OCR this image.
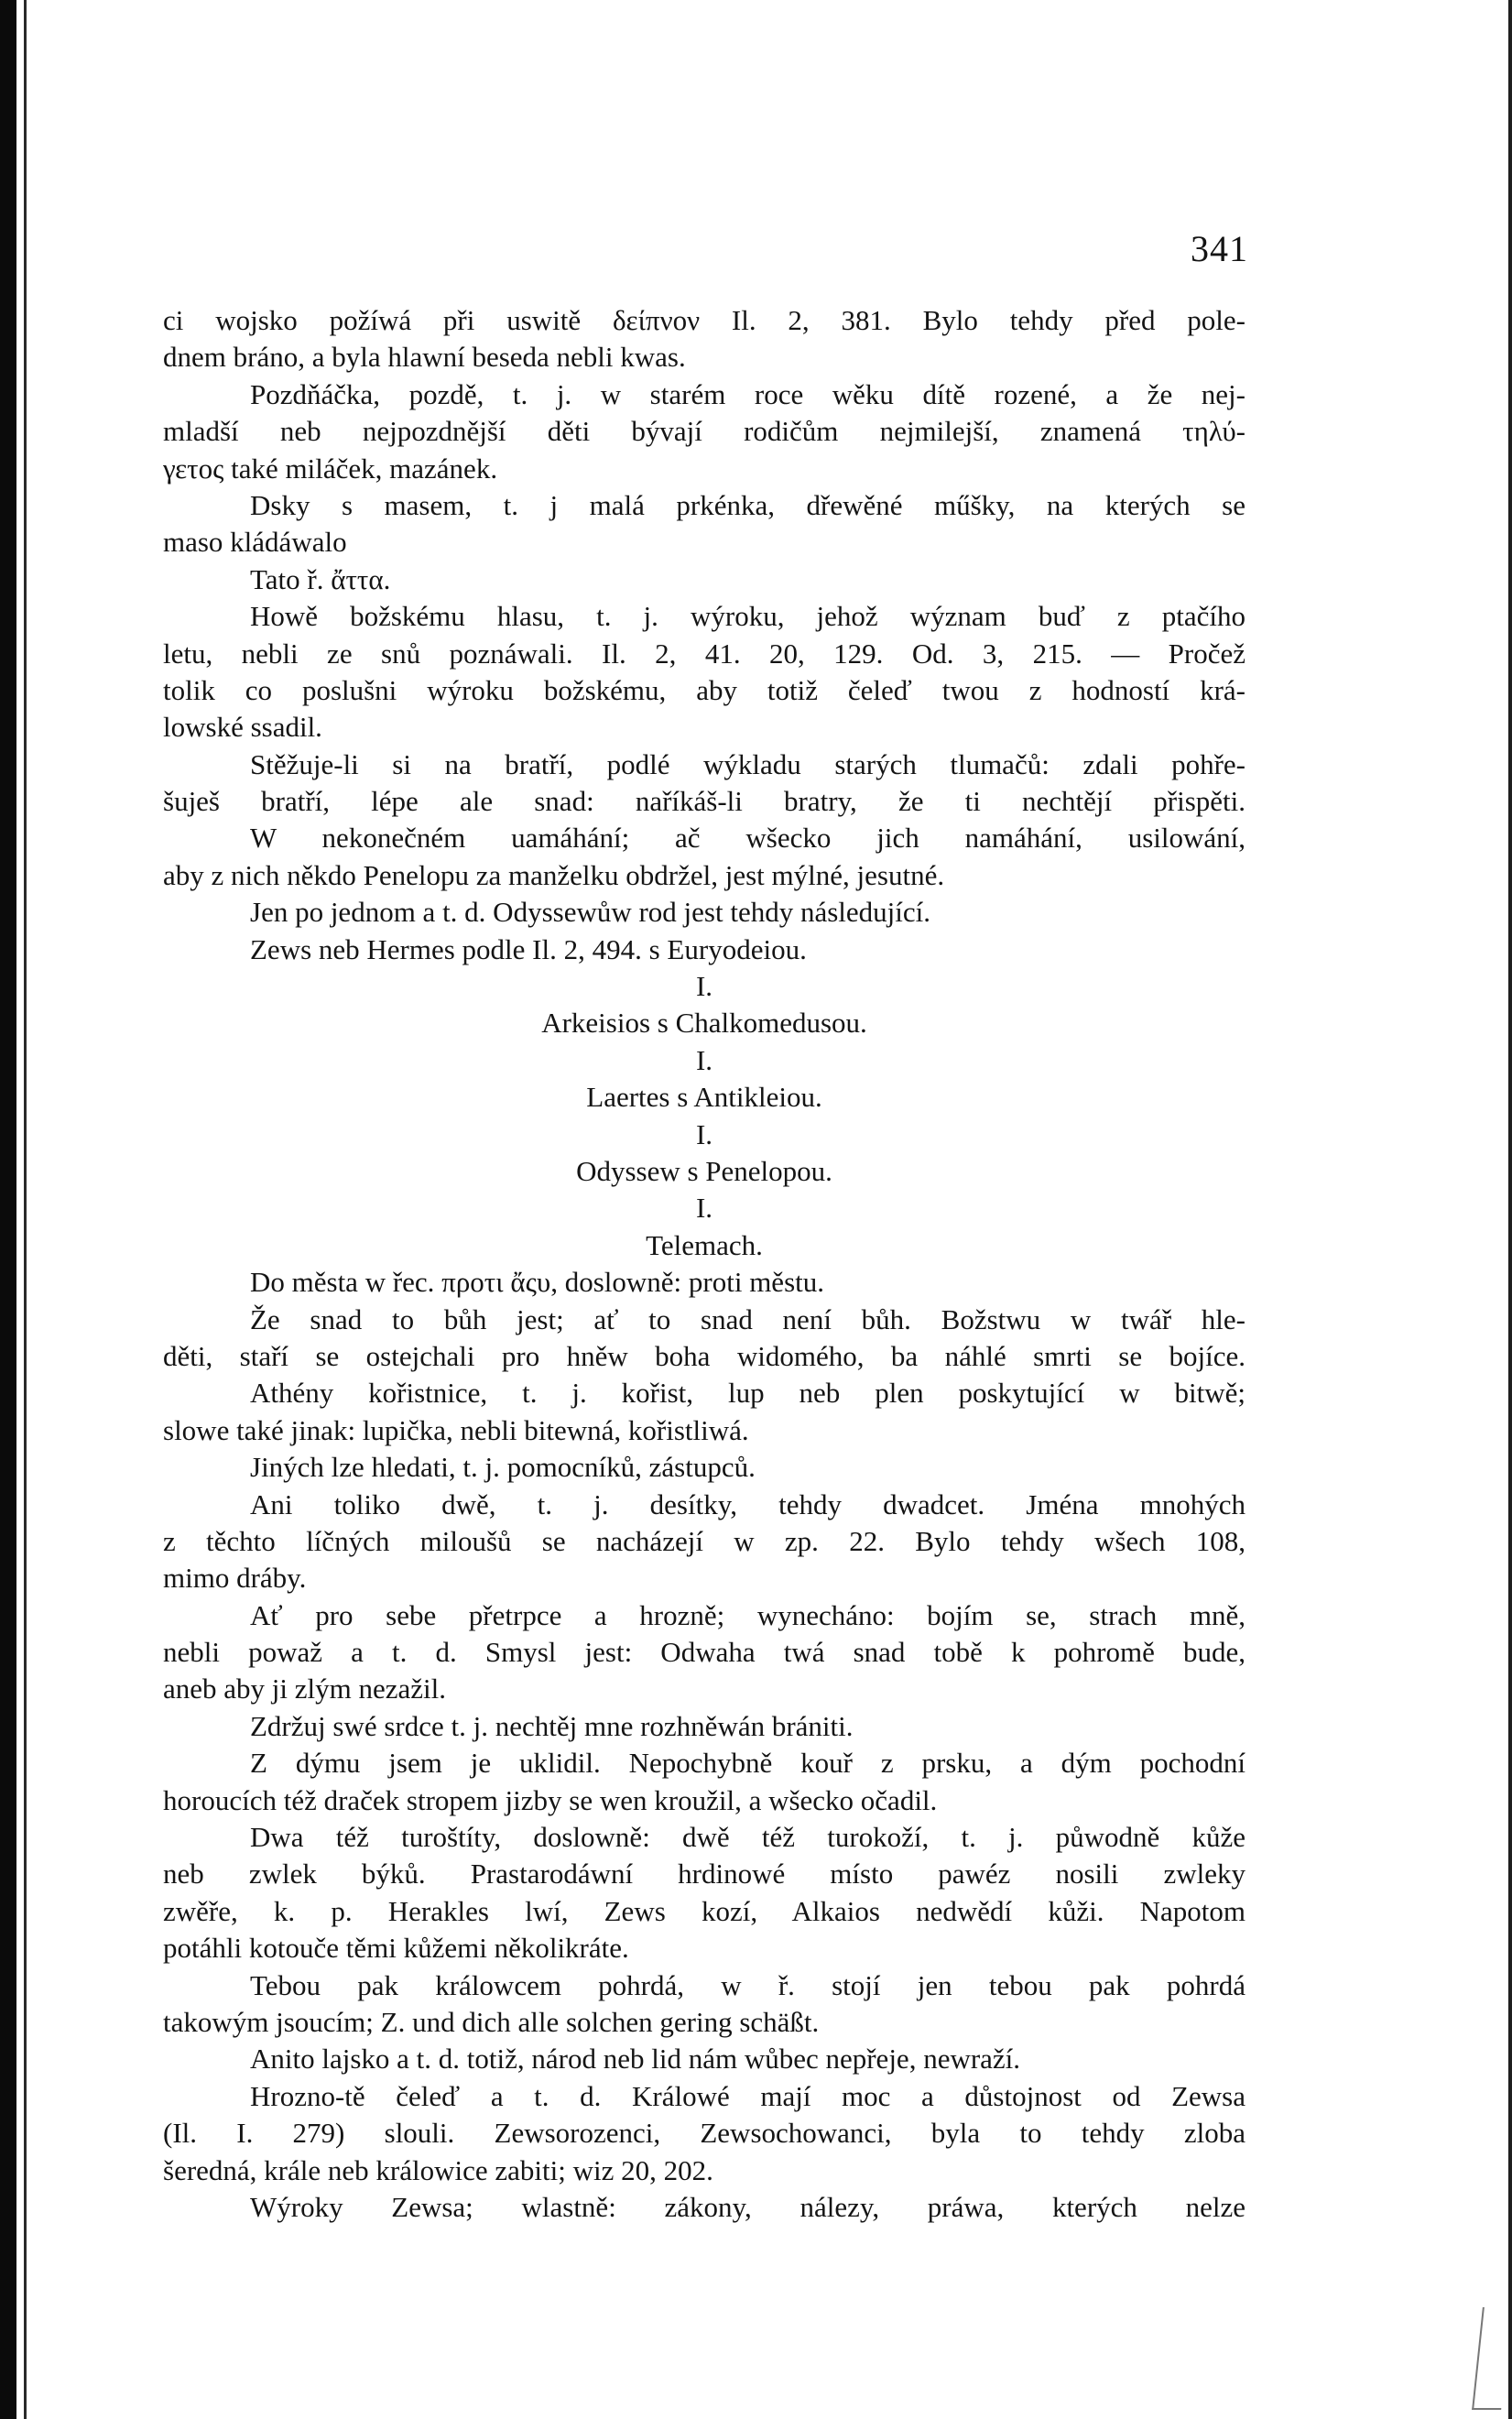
341
ci wojsko požíwá při uswitě δείπνον Il. 2, 381. Bylo tehdy před pole-
dnem bráno, a byla hlawní beseda nebli kwas.
Pozdňáčka, pozdě, t. j. w starém roce wěku dítě rozené, a že nej-
mladší neb nejpozdnější děti bývají rodičům nejmilejší, znamená τηλύ-
γετος také miláček, mazánek.
Dsky s masem, t. j malá prkénka, dřewěné műšky, na kterých se
maso kládáwalo
Tato ř. ἄττα.
Howě božskému hlasu, t. j. wýroku, jehož wýznam buď z ptačího
letu, nebli ze snů poznáwali. Il. 2, 41. 20, 129. Od. 3, 215. — Pročež
tolik co poslušni wýroku božskému, aby totiž čeleď twou z hodností krá-
lowské ssadil.
Stěžuje-li si na bratří, podlé wýkladu starých tlumačů: zdali pohře-
šuješ bratří, lépe ale snad: naříkáš-li bratry, že ti nechtějí přispěti.
W nekonečném uamáhání; ač wšecko jich namáhání, usilowání,
aby z nich někdo Penelopu za manželku obdržel, jest mýlné, jesutné.
Jen po jednom a t. d. Odyssewůw rod jest tehdy následující.
Zews neb Hermes podle Il. 2, 494. s Euryodeiou.
I.
Arkeisios s Chalkomedusou.
I.
Laertes s Antikleiou.
I.
Odyssew s Penelopou.
I.
Telemach.
Do města w řec. προτι ἄςυ, doslowně: proti městu.
Že snad to bůh jest; ať to snad není bůh. Božstwu w twář hle-
děti, staří se ostejchali pro hněw boha widomého, ba náhlé smrti se bojíce.
Athény kořistnice, t. j. kořist, lup neb plen poskytující w bitwě;
slowe také jinak: lupička, nebli bitewná, kořistliwá.
Jiných lze hledati, t. j. pomocníků, zástupců.
Ani toliko dwě, t. j. desítky, tehdy dwadcet. Jména mnohých
z těchto líčných miloušů se nacházejí w zp. 22. Bylo tehdy wšech 108,
mimo dráby.
Ať pro sebe přetrpce a hrozně; wynecháno: bojím se, strach mně,
nebli powaž a t. d. Smysl jest: Odwaha twá snad tobě k pohromě bude,
aneb aby ji zlým nezažil.
Zdržuj swé srdce t. j. nechtěj mne rozhněwán brániti.
Z dýmu jsem je uklidil. Nepochybně kouř z prsku, a dým pochodní
horoucích též draček stropem jizby se wen kroužil, a wšecko očadil.
Dwa též turoštíty, doslowně: dwě též turokoží, t. j. půwodně kůže
neb zwlek býků. Prastarodáwní hrdinowé místo pawéz nosili zwleky
zwěře, k. p. Herakles lwí, Zews kozí, Alkaios nedwědí kůži. Napotom
potáhli kotouče těmi kůžemi několikráte.
Tebou pak králowcem pohrdá, w ř. stojí jen tebou pak pohrdá
takowým jsoucím; Z. und dich alle solchen gering schäßt.
Anito lajsko a t. d. totiž, národ neb lid nám wůbec nepřeje, newraží.
Hrozno-tě čeleď a t. d. Králowé mají moc a důstojnost od Zewsa
(Il. I. 279) slouli. Zewsorozenci, Zewsochowanci, byla to tehdy zloba
šeredná, krále neb králowice zabiti; wiz 20, 202.
Wýroky Zewsa; wlastně: zákony, nálezy, práwa, kterých nelze
